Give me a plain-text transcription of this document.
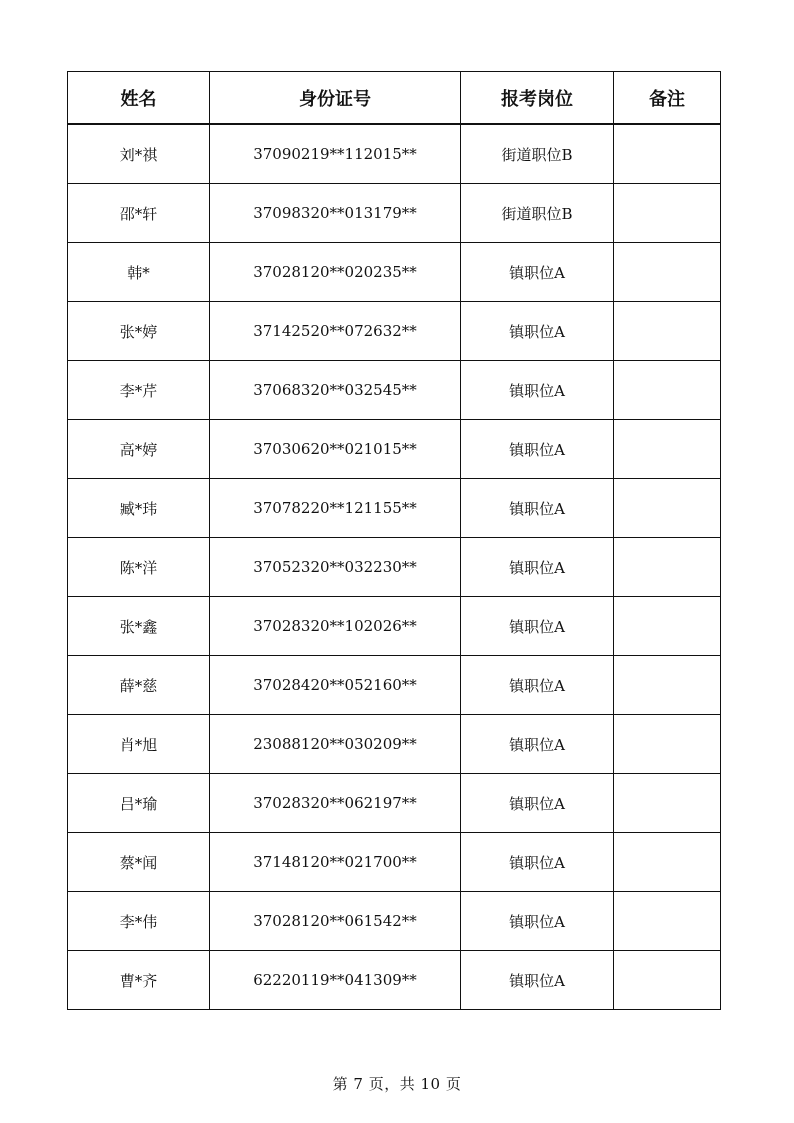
姓名	身份证号	报考岗位	备注
刘*祺	37090219**112015**	街道职位B	
邵*轩	37098320**013179**	街道职位B	
韩*	37028120**020235**	镇职位A	
张*婷	37142520**072632**	镇职位A	
李*芹	37068320**032545**	镇职位A	
高*婷	37030620**021015**	镇职位A	
臧*玮	37078220**121155**	镇职位A	
陈*洋	37052320**032230**	镇职位A	
张*鑫	37028320**102026**	镇职位A	
薛*慈	37028420**052160**	镇职位A	
肖*旭	23088120**030209**	镇职位A	
吕*瑜	37028320**062197**	镇职位A	
蔡*闻	37148120**021700**	镇职位A	
李*伟	37028120**061542**	镇职位A	
曹*齐	62220119**041309**	镇职位A	
第 7 页，共 10 页
